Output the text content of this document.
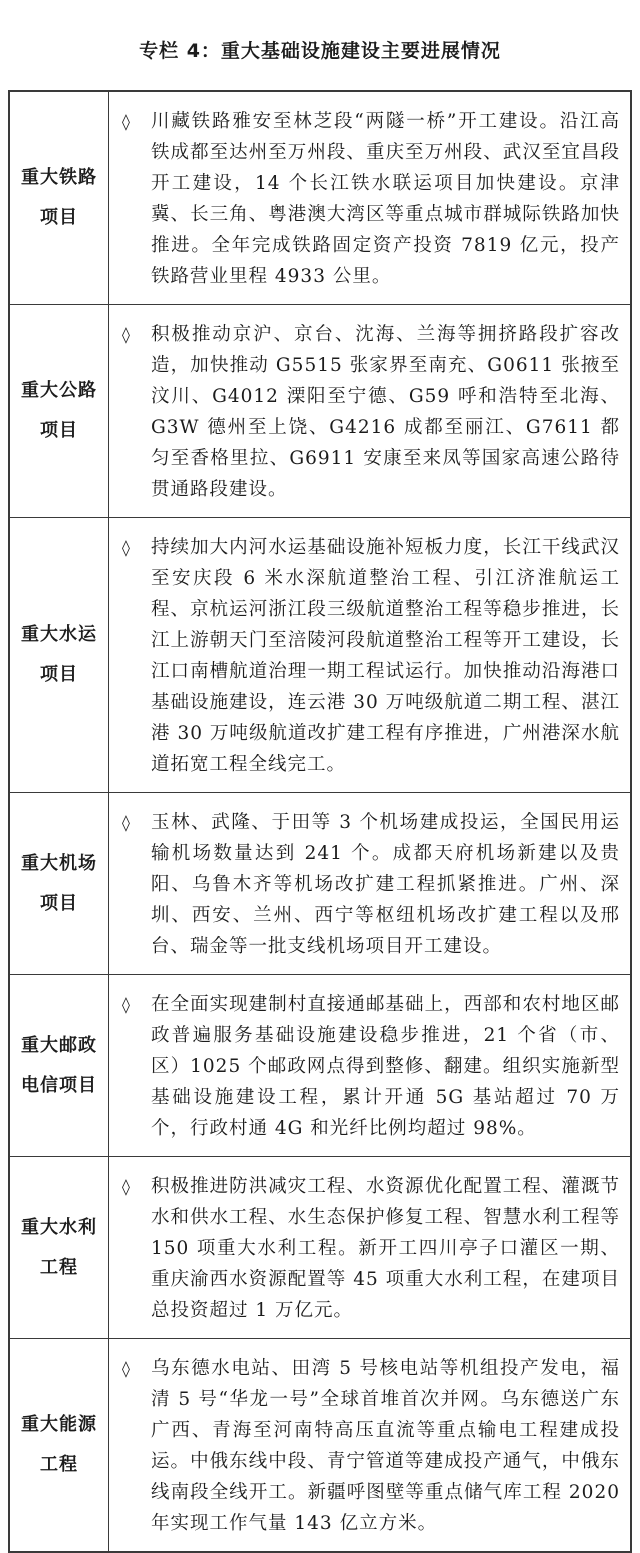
专栏 4：重大基础设施建设主要进展情况
重大铁路
项目
◊	川藏铁路雅安至林芝段“两隧一桥”开工建设。沿江高铁成都至达州至万州段、重庆至万州段、武汉至宜昌段开工建设，14 个长江铁水联运项目加快建设。京津冀、长三角、粤港澳大湾区等重点城市群城际铁路加快推进。全年完成铁路固定资产投资 7819 亿元，投产铁路营业里程 4933 公里。

重大公路
项目
◊	积极推动京沪、京台、沈海、兰海等拥挤路段扩容改造，加快推动 G5515 张家界至南充、G0611 张掖至汶川、G4012 溧阳至宁德、G59 呼和浩特至北海、G3W 德州至上饶、G4216 成都至丽江、G7611 都匀至香格里拉、G6911 安康至来凤等国家高速公路待贯通路段建设。

重大水运
项目
◊	持续加大内河水运基础设施补短板力度，长江干线武汉至安庆段 6 米水深航道整治工程、引江济淮航运工程、京杭运河浙江段三级航道整治工程等稳步推进，长江上游朝天门至涪陵河段航道整治工程等开工建设，长江口南槽航道治理一期工程试运行。加快推动沿海港口基础设施建设，连云港 30 万吨级航道二期工程、湛江港 30 万吨级航道改扩建工程有序推进，广州港深水航道拓宽工程全线完工。

重大机场
项目
◊	玉林、武隆、于田等 3 个机场建成投运，全国民用运输机场数量达到 241 个。成都天府机场新建以及贵阳、乌鲁木齐等机场改扩建工程抓紧推进。广州、深圳、西安、兰州、西宁等枢纽机场改扩建工程以及邢台、瑞金等一批支线机场项目开工建设。

重大邮政
电信项目
◊	在全面实现建制村直接通邮基础上，西部和农村地区邮政普遍服务基础设施建设稳步推进，21 个省（市、区）1025 个邮政网点得到整修、翻建。组织实施新型基础设施建设工程，累计开通 5G 基站超过 70 万个，行政村通 4G 和光纤比例均超过 98%。

重大水利
工程
◊	积极推进防洪减灾工程、水资源优化配置工程、灌溉节水和供水工程、水生态保护修复工程、智慧水利工程等 150 项重大水利工程。新开工四川亭子口灌区一期、重庆渝西水资源配置等 45 项重大水利工程，在建项目总投资超过 1 万亿元。

重大能源
工程
◊	乌东德水电站、田湾 5 号核电站等机组投产发电，福清 5 号“华龙一号”全球首堆首次并网。乌东德送广东广西、青海至河南特高压直流等重点输电工程建成投运。中俄东线中段、青宁管道等建成投产通气，中俄东线南段全线开工。新疆呼图壁等重点储气库工程 2020 年实现工作气量 143 亿立方米。
